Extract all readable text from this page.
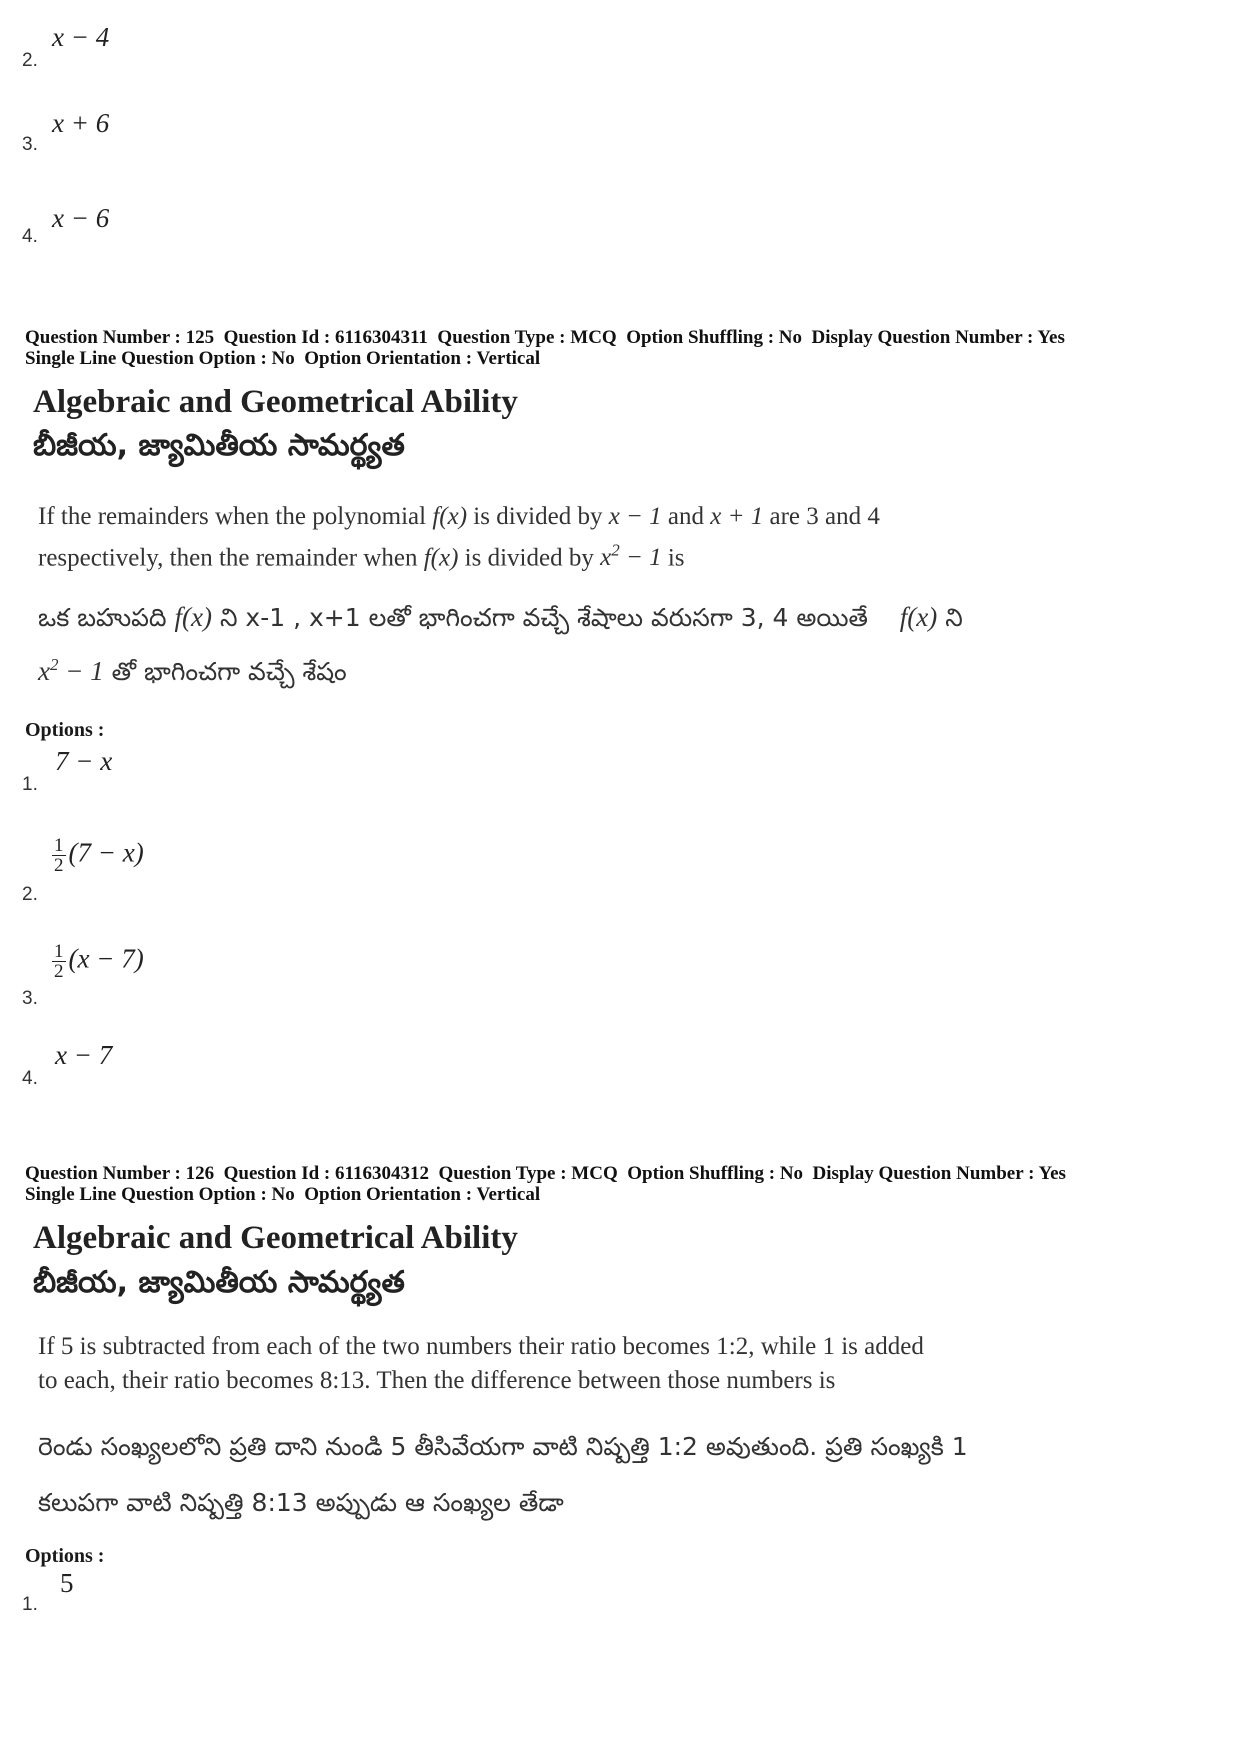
2.
x − 4
3.
x + 6
4.
x − 6
Question Number : 125  Question Id : 6116304311  Question Type : MCQ  Option Shuffling : No  Display Question Number : Yes
Single Line Question Option : No  Option Orientation : Vertical
Algebraic and Geometrical Ability
బీజీయ, జ్యామితీయ సామర్థ్యత
If the remainders when the polynomial f(x) is divided by x − 1 and x + 1 are 3 and 4
respectively, then the remainder when f(x) is divided by $x^2 - 1$ is
ఒక బహుపది f(x) ని x-1 , x+1 లతో భాగించగా వచ్చే శేషాలు వరుసగా 3, 4 అయితే f(x) ని
$x^2 - 1$ తో భాగించగా వచ్చే శేషం
Options :
1.
7 − x
2.
$\frac{1}{2} (7 - x)$
3.
$\frac{1}{2} (x - 7)$
4.
x − 7
Question Number : 126  Question Id : 6116304312  Question Type : MCQ  Option Shuffling : No  Display Question Number : Yes
Single Line Question Option : No  Option Orientation : Vertical
Algebraic and Geometrical Ability
బీజీయ, జ్యామితీయ సామర్థ్యత
If 5 is subtracted from each of the two numbers their ratio becomes 1:2, while 1 is added
to each, their ratio becomes 8:13. Then the difference between those numbers is
రెండు సంఖ్యలలోని ప్రతి దాని నుండి 5 తీసివేయగా వాటి నిష్పత్తి 1:2 అవుతుంది. ప్రతి సంఖ్యకి 1
కలుపగా వాటి నిష్పత్తి 8:13 అప్పుడు ఆ సంఖ్యల తేడా
Options :
1.
5
